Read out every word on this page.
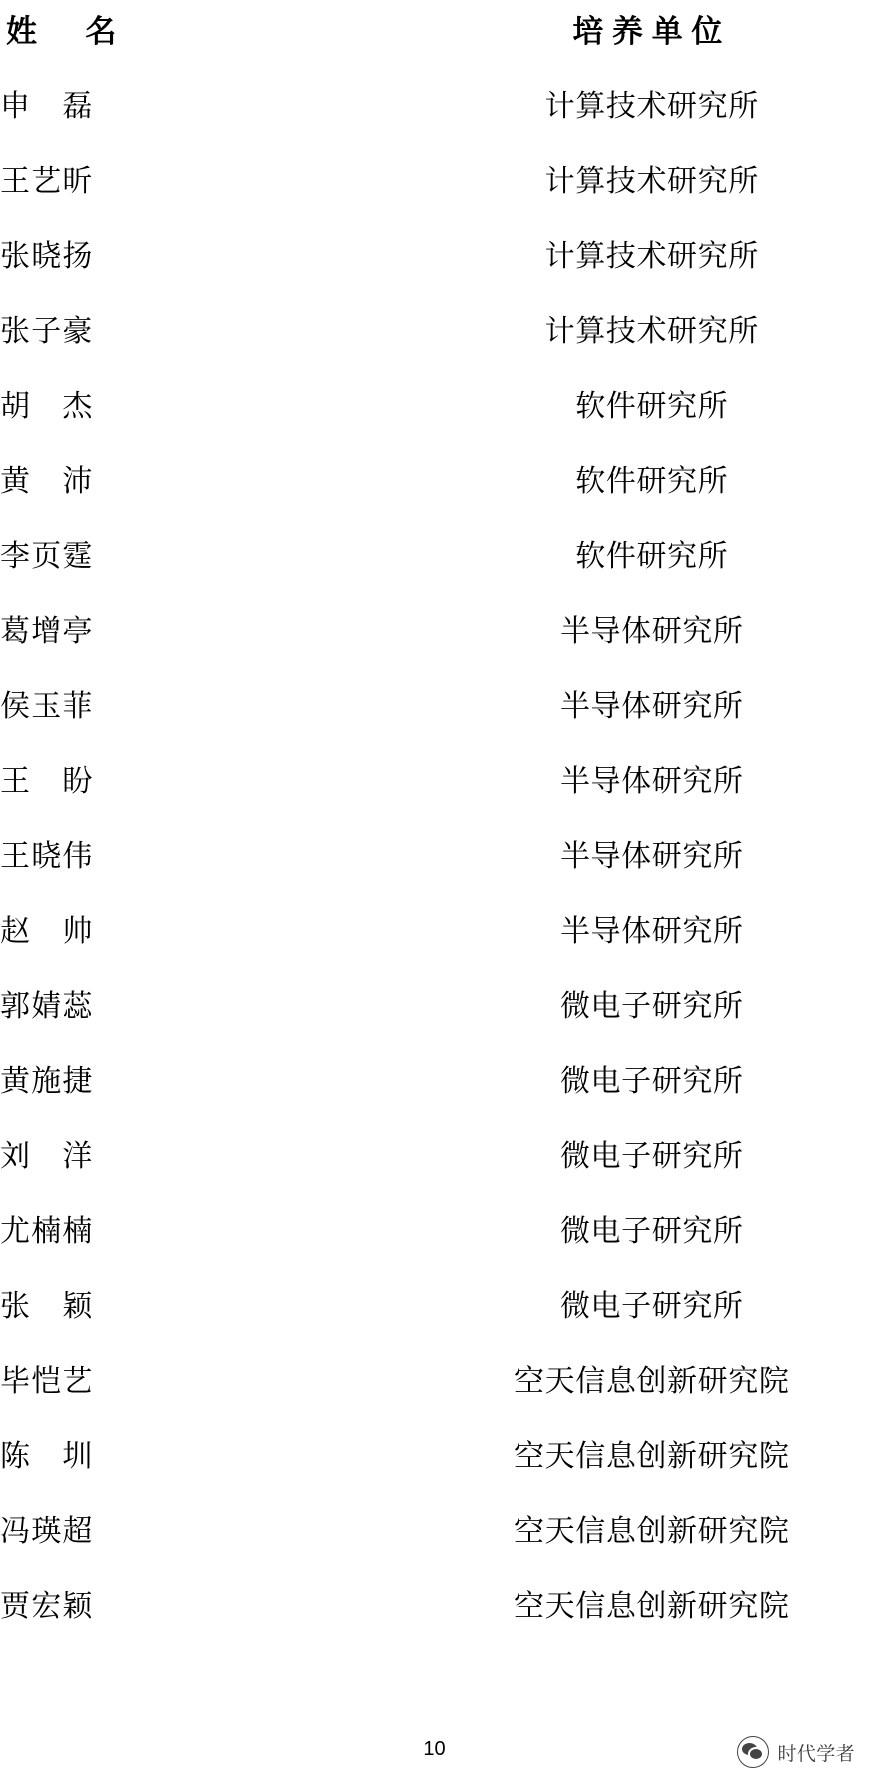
姓　名	培养单位
申　磊	计算技术研究所
王艺昕	计算技术研究所
张晓扬	计算技术研究所
张子豪	计算技术研究所
胡　杰	软件研究所
黄　沛	软件研究所
李页霆	软件研究所
葛增亭	半导体研究所
侯玉菲	半导体研究所
王　盼	半导体研究所
王晓伟	半导体研究所
赵　帅	半导体研究所
郭婧蕊	微电子研究所
黄施捷	微电子研究所
刘　洋	微电子研究所
尤楠楠	微电子研究所
张　颖	微电子研究所
毕恺艺	空天信息创新研究院
陈　圳	空天信息创新研究院
冯瑛超	空天信息创新研究院
贾宏颖	空天信息创新研究院
10	时代学者
